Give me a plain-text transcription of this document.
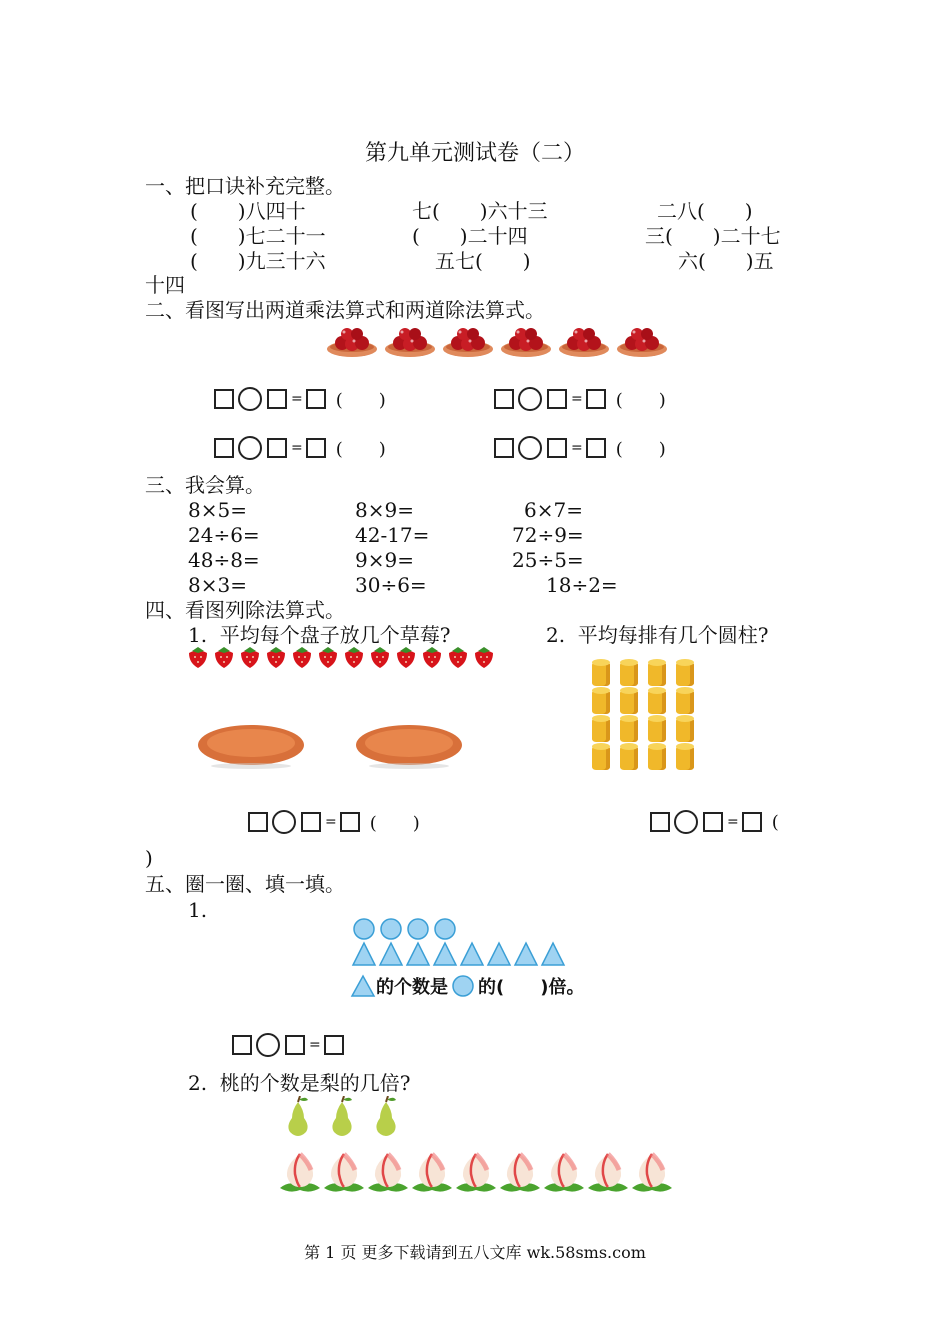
第九单元测试卷（二）
一、把口诀补充完整。
(　　)八四十	七(　　)六十三	二八(　　)
(　　)七二十一	(　　)二十四	三(　　)二十七
(　　)九三十六	五七(　　)	六(　　)五
十四
二、看图写出两道乘法算式和两道除法算式。
= (　　)	= (　　)
= (　　)	= (　　)
三、我会算。
8×5=	8×9=	6×7=
24÷6=	42-17=	72÷9=
48÷8=	9×9=	25÷5=
8×3=	30÷6=	18÷2=
四、看图列除法算式。
1.  平均每个盘子放几个草莓?	2.  平均每排有几个圆柱?
= (　　)	= (
)
五、圈一圈、填一填。
1.
的个数是 的(　　)倍。
=
2.  桃的个数是梨的几倍?
第 1 页 更多下载请到五八文库 wk.58sms.com
